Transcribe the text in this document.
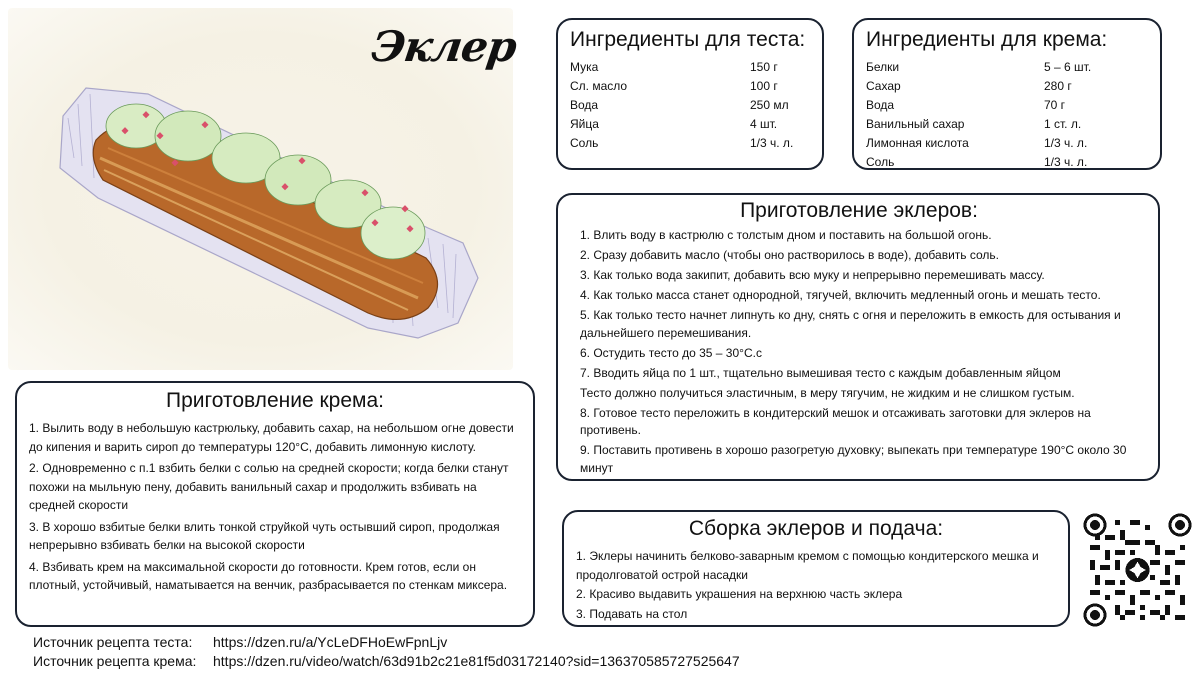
Эклер	Ингредиенты для теста:
Мука	150 г
Сл. масло	100 г
Вода	250 мл
Яйца	4 шт.
Соль	1/3 ч. л.
Ингредиенты для крема:
Белки	5 – 6 шт.
Сахар	280 г
Вода	70 г
Ванильный сахар	1 ст. л.
Лимонная кислота	1/3 ч. л.
Соль	1/3 ч. л.
Приготовление эклеров:

1. Влить воду в кастрюлю с толстым дном и поставить на большой огонь.

2. Сразу добавить масло (чтобы оно растворилось в воде), добавить соль.

3. Как только вода закипит, добавить всю муку и непрерывно перемешивать массу.

4. Как только масса станет однородной, тягучей, включить медленный огонь и мешать тесто.

5. Как только тесто начнет липнуть ко дну, снять с огня и переложить в емкость для остывания и дальнейшего перемешивания.

6. Остудить тесто до 35 – 30°C.с

7. Вводить яйца по 1 шт., тщательно вымешивая тесто с каждым добавленным яйцом

Тесто должно получиться эластичным, в меру тягучим, не жидким и не слишком густым.

8. Готовое тесто переложить в кондитерский мешок и отсаживать заготовки для эклеров на противень.

9. Поставить противень в хорошо разогретую духовку; выпекать при температуре 190°C около 30 минут

Приготовление крема:

1. Вылить воду в небольшую кастрюльку, добавить сахар, на небольшом огне довести до кипения и варить сироп до температуры 120°C, добавить лимонную кислоту.

2. Одновременно с п.1 взбить белки с солью на средней скорости; когда белки станут похожи на мыльную пену, добавить ванильный сахар и продолжить взбивать на средней скорости

3. В хорошо взбитые белки влить тонкой струйкой чуть остывший сироп, продолжая непрерывно взбивать белки на высокой скорости

4. Взбивать крем на максимальной скорости до готовности. Крем готов, если он плотный, устойчивый, наматывается на венчик, разбрасывается по стенкам миксера.

Сборка эклеров и подача:

1. Эклеры начинить белково-заварным кремом с помощью кондитерского мешка и продолговатой острой насадки

2. Красиво выдавить украшения на верхнюю часть эклера

3. Подавать на стол

Источник рецепта теста:	https://dzen.ru/a/YcLeDFHoEwFpnLjv
Источник рецепта крема:	https://dzen.ru/video/watch/63d91b2c21e81f5d03172140?sid=136370585727525647
